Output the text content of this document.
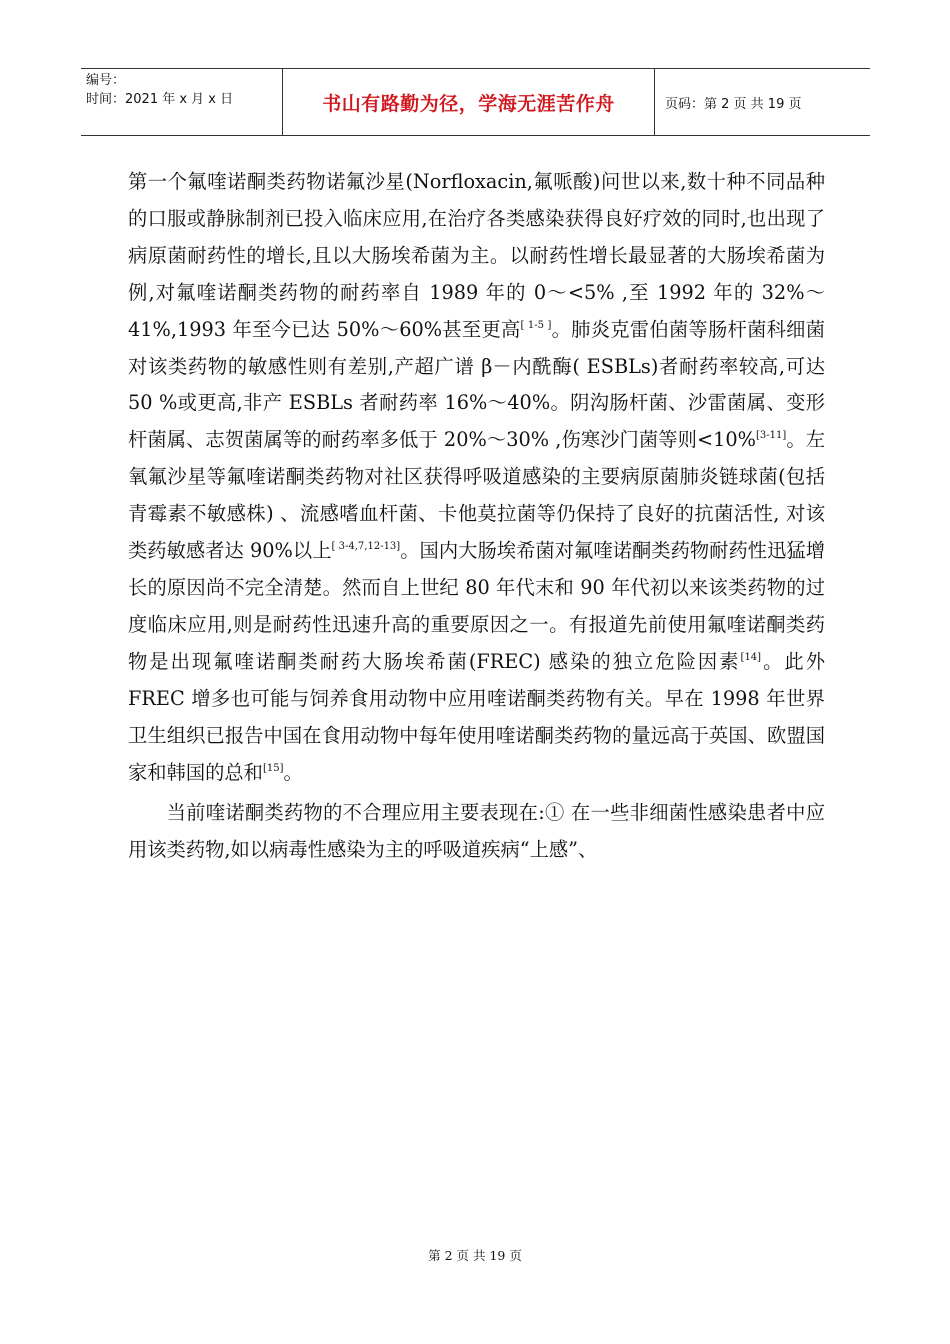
编号：
时间：2021 年 x 月 x 日	书山有路勤为径，学海无涯苦作舟	页码：第 2 页 共 19 页

第一个氟喹诺酮类药物诺氟沙星(Norfloxacin,氟哌酸)问世以来,数十种不同品种的口服或静脉制剂已投入临床应用,在治疗各类感染获得良好疗效的同时,也出现了病原菌耐药性的增长,且以大肠埃希菌为主。以耐药性增长最显著的大肠埃希菌为例,对氟喹诺酮类药物的耐药率自 1989 年的 0～<5% ,至 1992 年的 32%～41%,1993 年至今已达 50%～60%甚至更高[ 1-5 ]。肺炎克雷伯菌等肠杆菌科细菌对该类药物的敏感性则有差别,产超广谱 β－内酰酶( ESBLs)者耐药率较高,可达 50 %或更高,非产 ESBLs 者耐药率 16%～40%。阴沟肠杆菌、沙雷菌属、变形杆菌属、志贺菌属等的耐药率多低于 20%～30% ,伤寒沙门菌等则<10%[3-11]。左氧氟沙星等氟喹诺酮类药物对社区获得呼吸道感染的主要病原菌肺炎链球菌(包括青霉素不敏感株) 、流感嗜血杆菌、卡他莫拉菌等仍保持了良好的抗菌活性, 对该类药敏感者达 90%以上[ 3-4,7,12-13]。国内大肠埃希菌对氟喹诺酮类药物耐药性迅猛增长的原因尚不完全清楚。然而自上世纪 80 年代末和 90 年代初以来该类药物的过度临床应用,则是耐药性迅速升高的重要原因之一。有报道先前使用氟喹诺酮类药物是出现氟喹诺酮类耐药大肠埃希菌(FREC) 感染的独立危险因素[14]。此外 FREC 增多也可能与饲养食用动物中应用喹诺酮类药物有关。早在 1998 年世界卫生组织已报告中国在食用动物中每年使用喹诺酮类药物的量远高于英国、欧盟国家和韩国的总和[15]。

当前喹诺酮类药物的不合理应用主要表现在:① 在一些非细菌性感染患者中应用该类药物,如以病毒性感染为主的呼吸道疾病“上感”、

第 2 页 共 19 页
